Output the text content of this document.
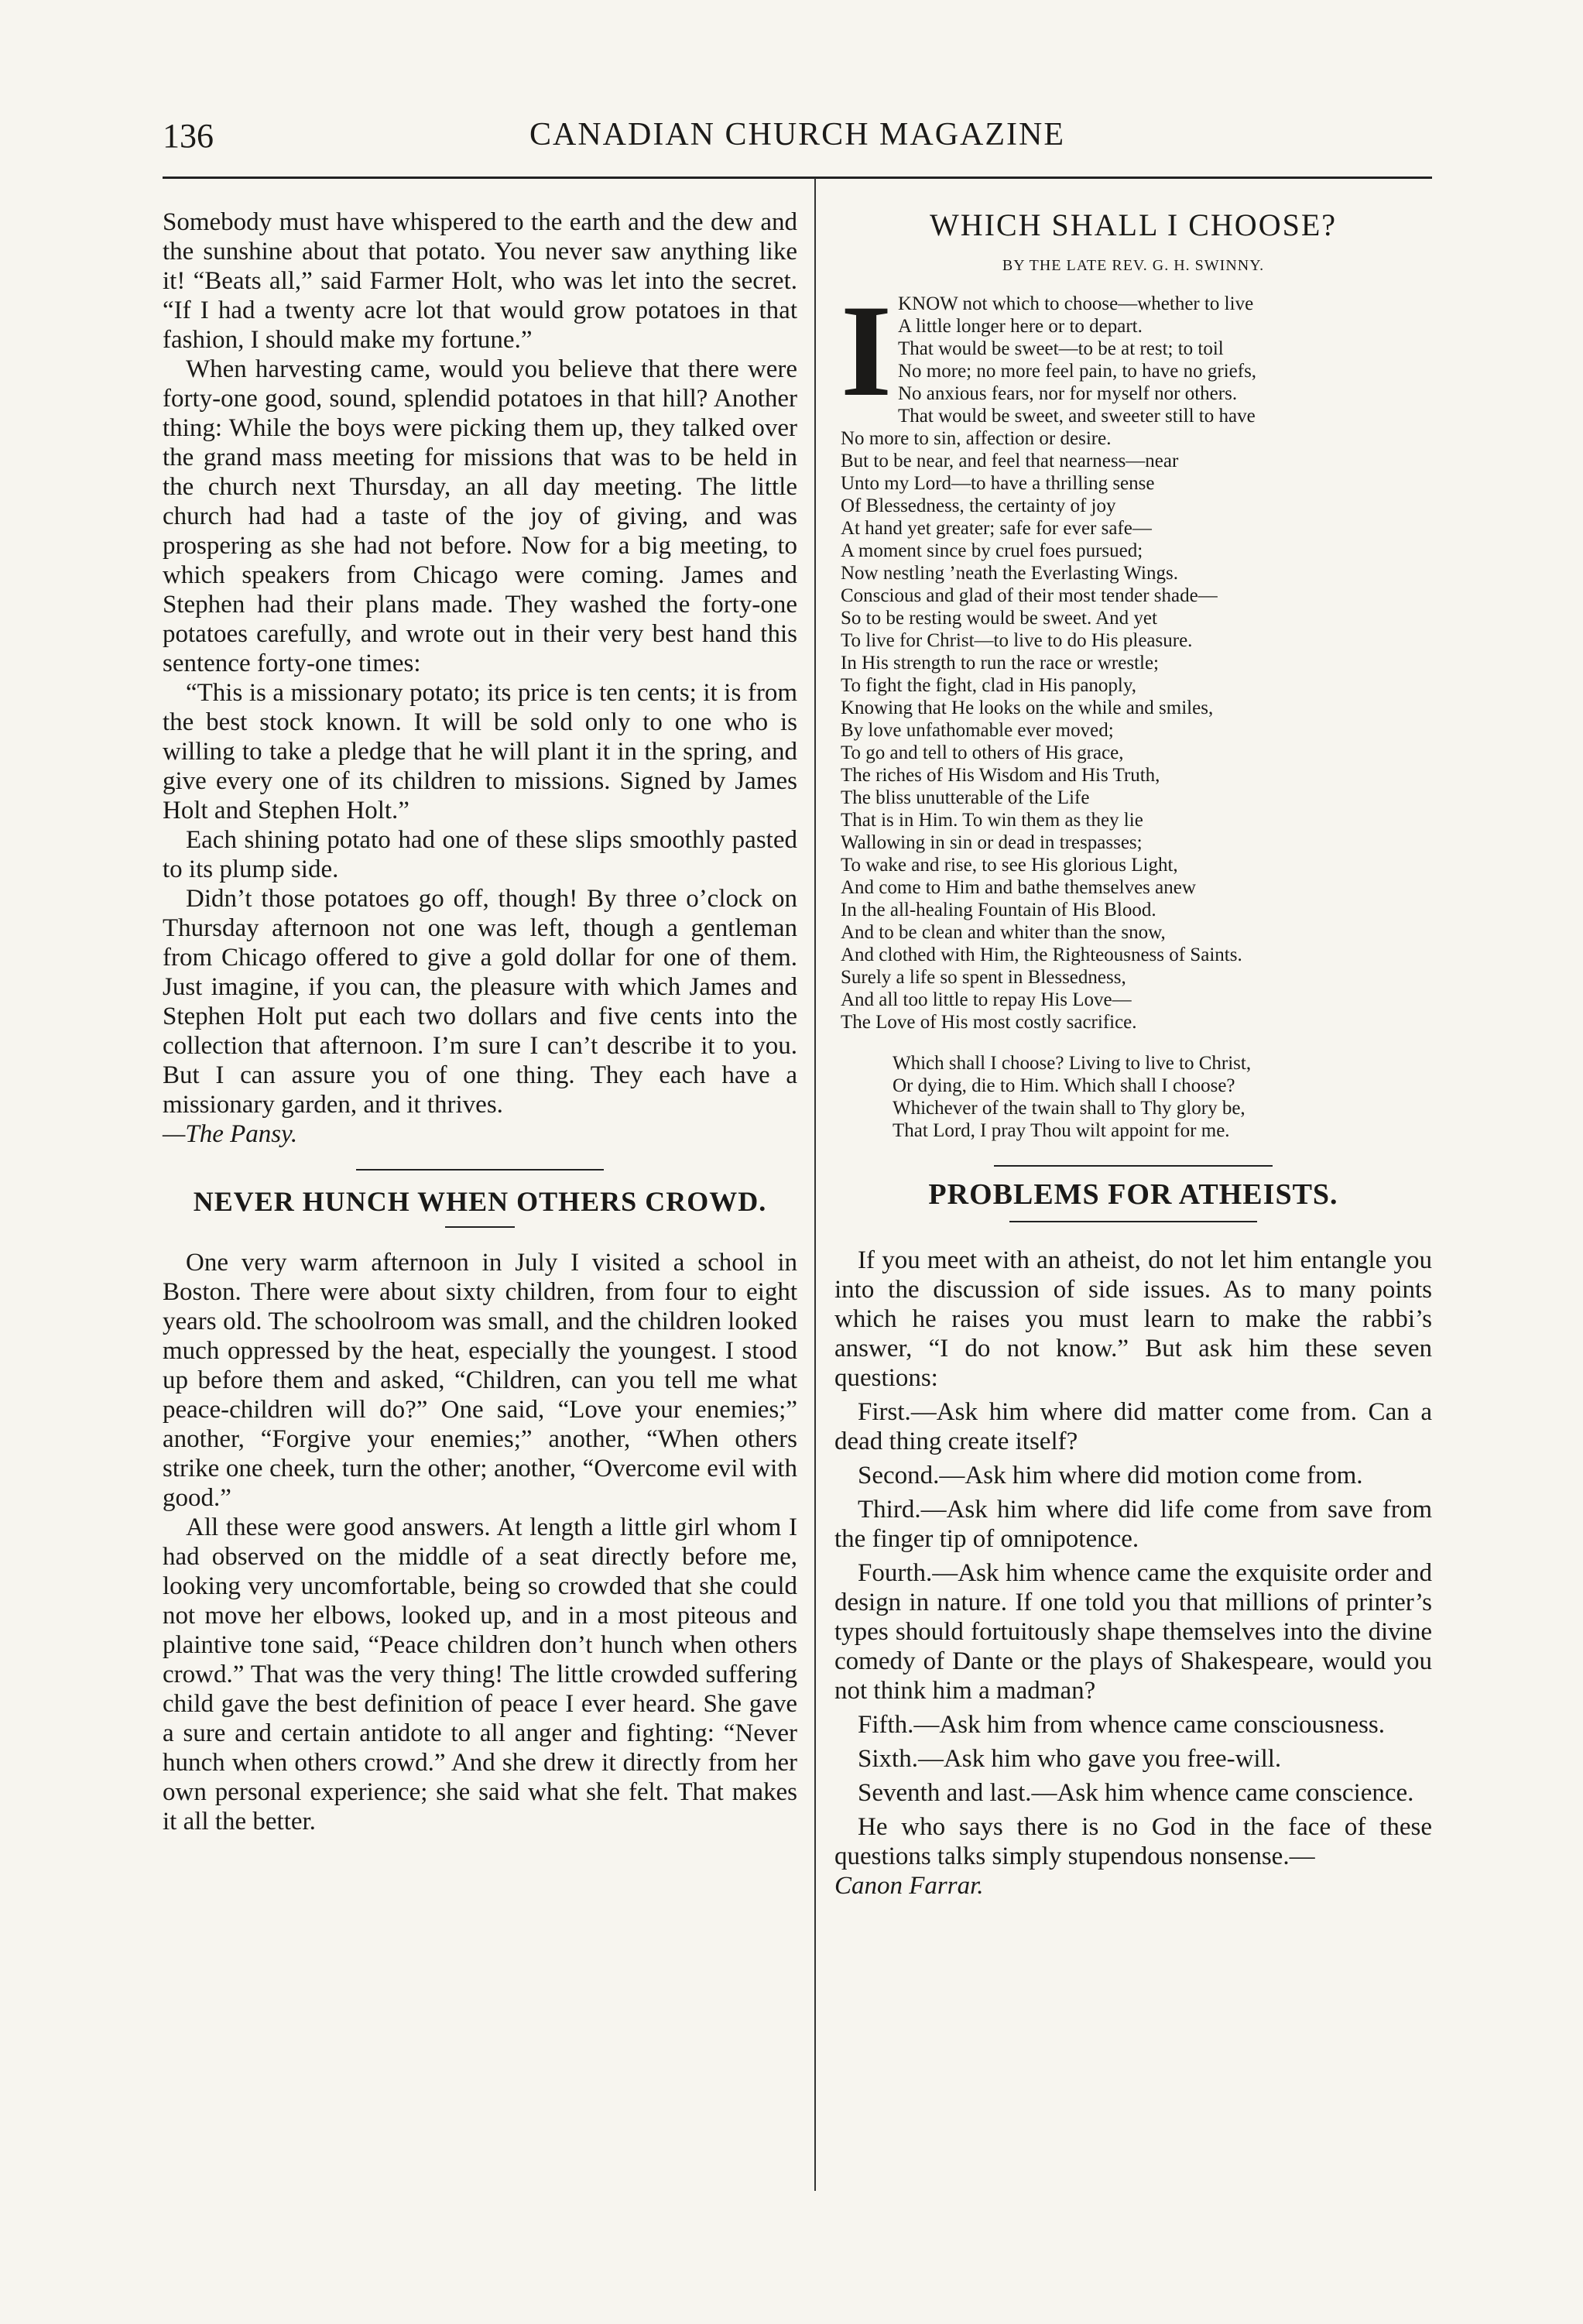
136	CANADIAN CHURCH MAGAZINE

Somebody must have whispered to the earth and the dew and the sunshine about that potato. You never saw anything like it! “Beats all,” said Farmer Holt, who was let into the secret. “If I had a twenty acre lot that would grow potatoes in that fashion, I should make my fortune.”

When harvesting came, would you believe that there were forty-one good, sound, splendid potatoes in that hill? Another thing: While the boys were picking them up, they talked over the grand mass meeting for missions that was to be held in the church next Thursday, an all day meeting. The little church had had a taste of the joy of giving, and was prospering as she had not before. Now for a big meeting, to which speakers from Chicago were coming. James and Stephen had their plans made. They washed the forty-one potatoes carefully, and wrote out in their very best hand this sentence forty-one times:

“This is a missionary potato; its price is ten cents; it is from the best stock known. It will be sold only to one who is willing to take a pledge that he will plant it in the spring, and give every one of its children to missions. Signed by James Holt and Stephen Holt.”

Each shining potato had one of these slips smoothly pasted to its plump side.

Didn’t those potatoes go off, though! By three o’clock on Thursday afternoon not one was left, though a gentleman from Chicago offered to give a gold dollar for one of them. Just imagine, if you can, the pleasure with which James and Stephen Holt put each two dollars and five cents into the collection that afternoon. I’m sure I can’t describe it to you. But I can assure you of one thing. They each have a missionary garden, and it thrives.

—The Pansy.

NEVER HUNCH WHEN OTHERS CROWD.

One very warm afternoon in July I visited a school in Boston. There were about sixty children, from four to eight years old. The schoolroom was small, and the children looked much oppressed by the heat, especially the youngest. I stood up before them and asked, “Children, can you tell me what peace-children will do?” One said, “Love your enemies;” another, “Forgive your enemies;” another, “When others strike one cheek, turn the other; another, “Overcome evil with good.”

All these were good answers. At length a little girl whom I had observed on the middle of a seat directly before me, looking very uncomfortable, being so crowded that she could not move her elbows, looked up, and in a most piteous and plaintive tone said, “Peace children don’t hunch when others crowd.” That was the very thing! The little crowded suffering child gave the best definition of peace I ever heard. She gave a sure and certain antidote to all anger and fighting: “Never hunch when others crowd.” And she drew it directly from her own personal experience; she said what she felt. That makes it all the better.

WHICH SHALL I CHOOSE?
BY THE LATE REV. G. H. SWINNY.
I KNOW not which to choose—whether to live
A little longer here or to depart.
That would be sweet—to be at rest; to toil
No more; no more feel pain, to have no griefs,
No anxious fears, nor for myself nor others.
That would be sweet, and sweeter still to have
No more to sin, affection or desire.
But to be near, and feel that nearness—near
Unto my Lord—to have a thrilling sense
Of Blessedness, the certainty of joy
At hand yet greater; safe for ever safe—
A moment since by cruel foes pursued;
Now nestling ’neath the Everlasting Wings.
Conscious and glad of their most tender shade—
So to be resting would be sweet. And yet
To live for Christ—to live to do His pleasure.
In His strength to run the race or wrestle;
To fight the fight, clad in His panoply,
Knowing that He looks on the while and smiles,
By love unfathomable ever moved;
To go and tell to others of His grace,
The riches of His Wisdom and His Truth,
The bliss unutterable of the Life
That is in Him. To win them as they lie
Wallowing in sin or dead in trespasses;
To wake and rise, to see His glorious Light,
And come to Him and bathe themselves anew
In the all-healing Fountain of His Blood.
And to be clean and whiter than the snow,
And clothed with Him, the Righteousness of Saints.
Surely a life so spent in Blessedness,
And all too little to repay His Love—
The Love of His most costly sacrifice.
Which shall I choose? Living to live to Christ,
Or dying, die to Him. Which shall I choose?
Whichever of the twain shall to Thy glory be,
That Lord, I pray Thou wilt appoint for me.
PROBLEMS FOR ATHEISTS.

If you meet with an atheist, do not let him entangle you into the discussion of side issues. As to many points which he raises you must learn to make the rabbi’s answer, “I do not know.” But ask him these seven questions:

First.—Ask him where did matter come from. Can a dead thing create itself?

Second.—Ask him where did motion come from.

Third.—Ask him where did life come from save from the finger tip of omnipotence.

Fourth.—Ask him whence came the exquisite order and design in nature. If one told you that millions of printer’s types should fortuitously shape themselves into the divine comedy of Dante or the plays of Shakespeare, would you not think him a madman?

Fifth.—Ask him from whence came consciousness.

Sixth.—Ask him who gave you free-will.

Seventh and last.—Ask him whence came conscience.

He who says there is no God in the face of these questions talks simply stupendous nonsense.—

Canon Farrar.
